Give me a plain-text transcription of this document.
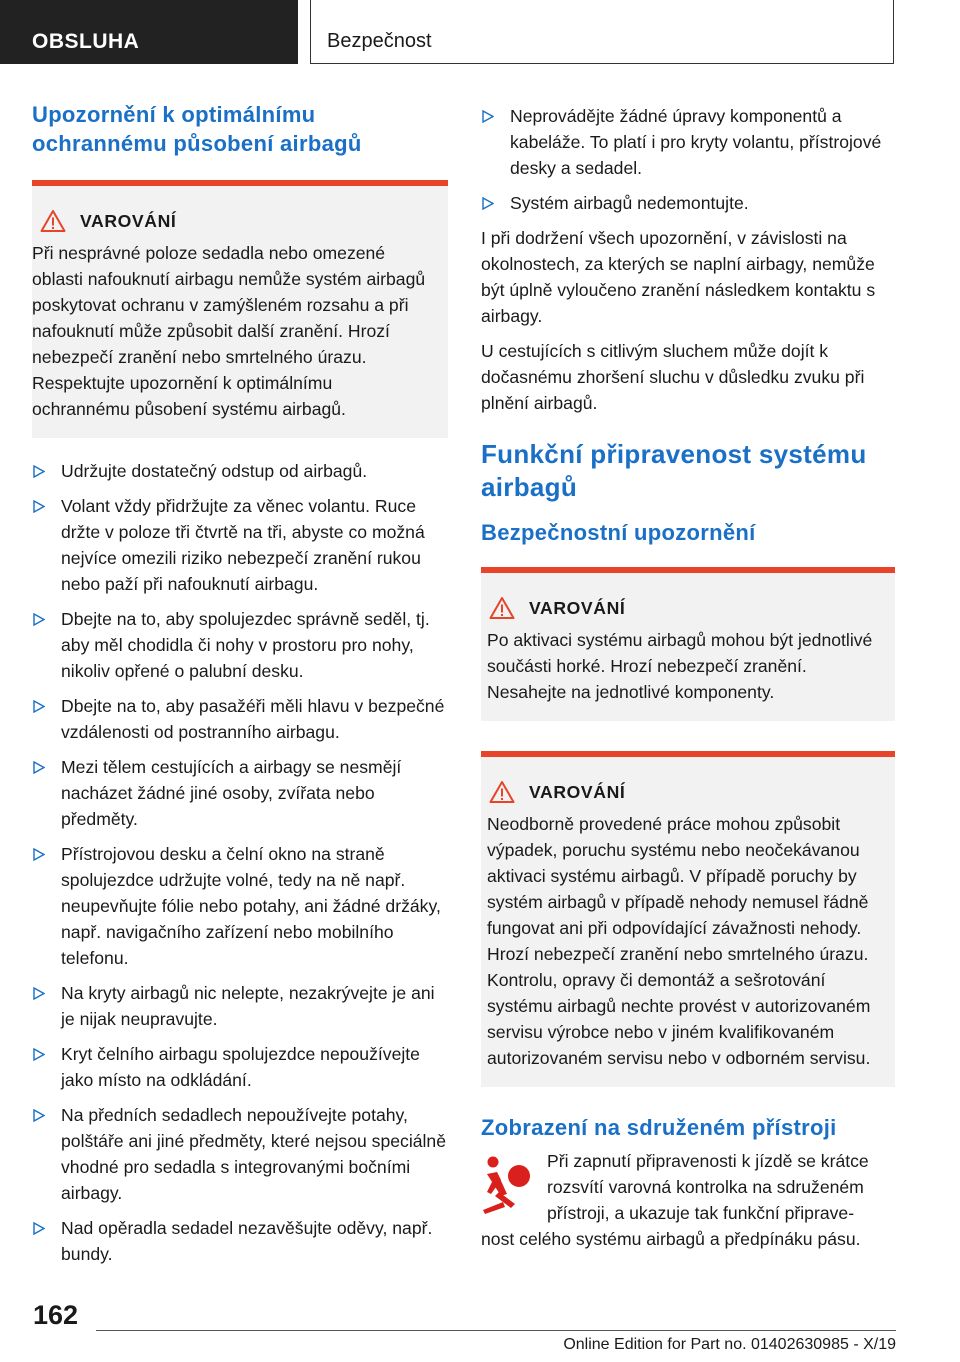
OBSLUHA	Bezpečnost
Upozornění k optimálnímu ochrannému působení airbagů
VAROVÁNÍ

Při nesprávné poloze sedadla nebo omezené oblasti nafouknutí airbagu nemůže systém airbagů poskytovat ochranu v zamýšleném rozsahu a při nafouknutí může způsobit další zranění. Hrozí nebezpečí zranění nebo smrtelného úrazu. Respektujte upozornění k optimálnímu ochrannému působení systému airbagů.

Udržujte dostatečný odstup od airbagů.
Volant vždy přidržujte za věnec volantu. Ruce držte v poloze tři čtvrtě na tři, abyste co možná nejvíce omezili riziko nebezpečí zranění rukou nebo paží při nafouknutí airbagu.
Dbejte na to, aby spolujezdec správně seděl, tj. aby měl chodidla či nohy v prostoru pro nohy, nikoliv opřené o palubní desku.
Dbejte na to, aby pasažéři měli hlavu v bezpečné vzdálenosti od postranního airbagu.
Mezi tělem cestujících a airbagy se nesmějí nacházet žádné jiné osoby, zvířata nebo předměty.
Přístrojovou desku a čelní okno na straně spolujezdce udržujte volné, tedy na ně např. neupevňujte fólie nebo potahy, ani žádné držáky, např. navigačního zařízení nebo mobilního telefonu.
Na kryty airbagů nic nelepte, nezakrývejte je ani je nijak neupravujte.
Kryt čelního airbagu spolujezdce nepoužívejte jako místo na odkládání.
Na předních sedadlech nepoužívejte potahy, polštáře ani jiné předměty, které nejsou speciálně vhodné pro sedadla s integrovanými bočními airbagy.
Nad opěradla sedadel nezavěšujte oděvy, např. bundy.
Neprovádějte žádné úpravy komponentů a kabeláže. To platí i pro kryty volantu, přístrojové desky a sedadel.
Systém airbagů nedemontujte.

I při dodržení všech upozornění, v závislosti na okolnostech, za kterých se naplní airbagy, nemůže být úplně vyloučeno zranění následkem kontaktu s airbagy.

U cestujících s citlivým sluchem může dojít k dočasnému zhoršení sluchu v důsledku zvuku při plnění airbagů.

Funkční připravenost systému airbagů
Bezpečnostní upozornění
VAROVÁNÍ

Po aktivaci systému airbagů mohou být jednotlivé součásti horké. Hrozí nebezpečí zranění. Nesahejte na jednotlivé komponenty.

VAROVÁNÍ

Neodborně provedené práce mohou způsobit výpadek, poruchu systému nebo neočekávanou aktivaci systému airbagů. V případě poruchy by systém airbagů v případě nehody nemusel řádně fungovat ani při odpovídající závažnosti nehody. Hrozí nebezpečí zranění nebo smrtelného úrazu. Kontrolu, opravy či demontáž a sešrotování systému airbagů nechte provést v autorizovaném servisu výrobce nebo v jiném kvalifikovaném autorizovaném servisu nebo v odborném servisu.

Zobrazení na sdruženém přístroji
Při zapnutí připravenosti k jízdě se krátce
rozsvítí varovná kontrolka na sdruženém
přístroji, a ukazuje tak funkční připrave-
nost celého systému airbagů a předpínáku pásu.
162
Online Edition for Part no. 01402630985 - X/19
